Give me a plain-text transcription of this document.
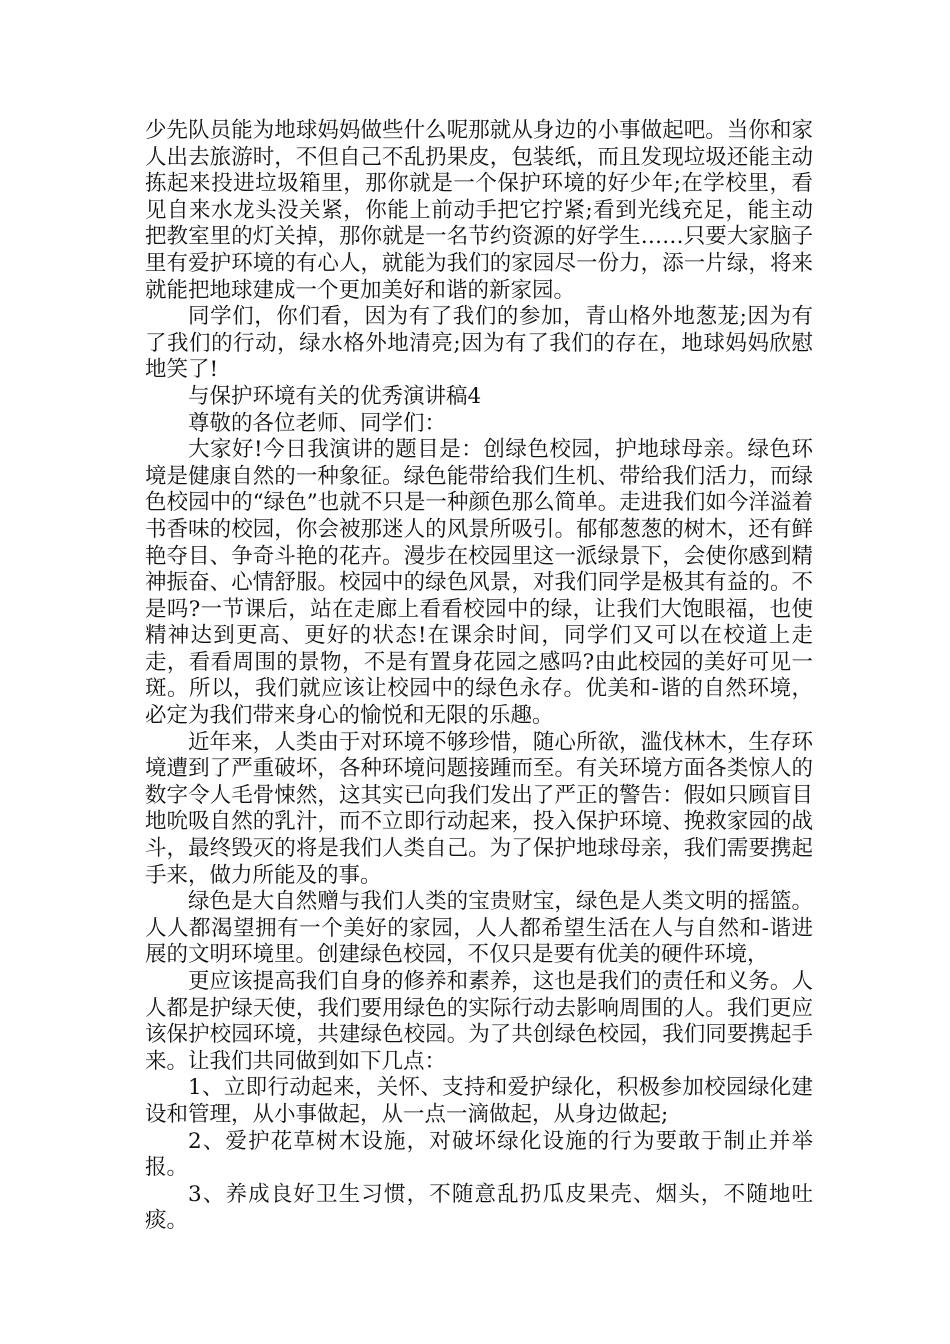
少先队员能为地球妈妈做些什么呢那就从身边的小事做起吧。当你和家人出去旅游时，不但自己不乱扔果皮，包装纸，而且发现垃圾还能主动拣起来投进垃圾箱里，那你就是一个保护环境的好少年;在学校里，看见自来水龙头没关紧，你能上前动手把它拧紧;看到光线充足，能主动把教室里的灯关掉，那你就是一名节约资源的好学生……只要大家脑子里有爱护环境的有心人，就能为我们的家园尽一份力，添一片绿，将来就能把地球建成一个更加美好和谐的新家园。

同学们，你们看，因为有了我们的参加，青山格外地葱茏;因为有了我们的行动，绿水格外地清亮;因为有了我们的存在，地球妈妈欣慰地笑了!

与保护环境有关的优秀演讲稿4

尊敬的各位老师、同学们：

大家好!今日我演讲的题目是：创绿色校园，护地球母亲。绿色环境是健康自然的一种象征。绿色能带给我们生机、带给我们活力，而绿色校园中的“绿色”也就不只是一种颜色那么简单。走进我们如今洋溢着书香味的校园，你会被那迷人的风景所吸引。郁郁葱葱的树木，还有鲜艳夺目、争奇斗艳的花卉。漫步在校园里这一派绿景下，会使你感到精神振奋、心情舒服。校园中的绿色风景，对我们同学是极其有益的。不是吗?一节课后，站在走廊上看看校园中的绿，让我们大饱眼福，也使精神达到更高、更好的状态!在课余时间，同学们又可以在校道上走走，看看周围的景物，不是有置身花园之感吗?由此校园的美好可见一斑。所以，我们就应该让校园中的绿色永存。优美和-谐的自然环境，必定为我们带来身心的愉悦和无限的乐趣。

近年来，人类由于对环境不够珍惜，随心所欲，滥伐林木，生存环境遭到了严重破坏，各种环境问题接踵而至。有关环境方面各类惊人的数字令人毛骨悚然，这其实已向我们发出了严正的警告：假如只顾盲目地吮吸自然的乳汁，而不立即行动起来，投入保护环境、挽救家园的战斗，最终毁灭的将是我们人类自己。为了保护地球母亲，我们需要携起手来，做力所能及的事。

绿色是大自然赠与我们人类的宝贵财宝，绿色是人类文明的摇篮。人人都渴望拥有一个美好的家园，人人都希望生活在人与自然和-谐进展的文明环境里。创建绿色校园，不仅只是要有优美的硬件环境，

更应该提高我们自身的修养和素养，这也是我们的责任和义务。人人都是护绿天使，我们要用绿色的实际行动去影响周围的人。我们更应该保护校园环境，共建绿色校园。为了共创绿色校园，我们同要携起手来。让我们共同做到如下几点：

1、立即行动起来，关怀、支持和爱护绿化，积极参加校园绿化建设和管理，从小事做起，从一点一滴做起，从身边做起;

2、爱护花草树木设施，对破坏绿化设施的行为要敢于制止并举报。

3、养成良好卫生习惯，不随意乱扔瓜皮果壳、烟头，不随地吐痰。
